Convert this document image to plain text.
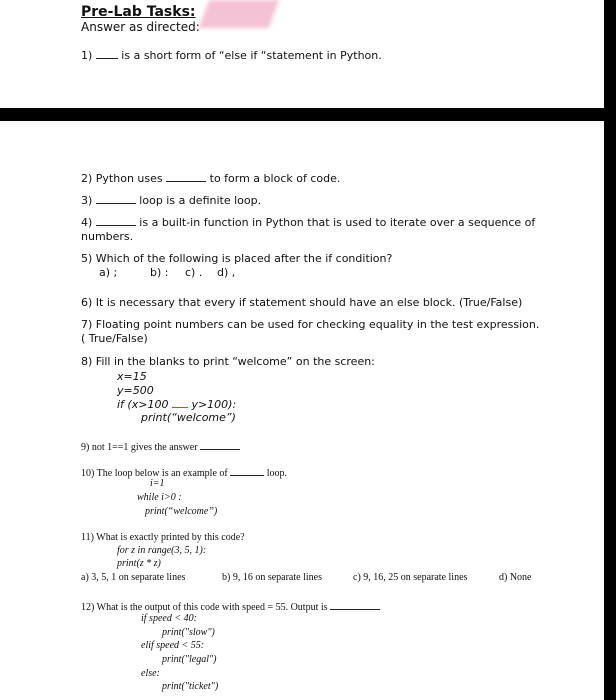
Pre-Lab Tasks:
Answer as directed:
1)	is a short form of “else if “statement in Python.
2) Python uses	to form a block of code.
3)	loop is a definite loop.
4)	is a built-in function in Python that is used to iterate over a sequence of
numbers.
5) Which of the following is placed after the if condition?
a) ;	b) : c) . d) ,
6) It is necessary that every if statement should have an else block. (True/False)
7) Floating point numbers can be used for checking equality in the test expression.
( True/False)
8) Fill in the blanks to print “welcome” on the screen:
x=15
y=500
if (x>100 y>100):
print(“welcome”)
9) not 1==1 gives the answer
10) The loop below is an example of	loop.
i=1
while i>0 :
print(“welcome”)
11) What is exactly printed by this code?
for z in range(3, 5, 1):
print(z * z)
a) 3, 5, 1 on separate lines	b) 9, 16 on separate lines	c) 9, 16, 25 on separate lines	d) None
12) What is the output of this code with speed = 55. Output is
if speed < 40:
print("slow")
elif speed < 55:
print("legal")
else:
print("ticket")
